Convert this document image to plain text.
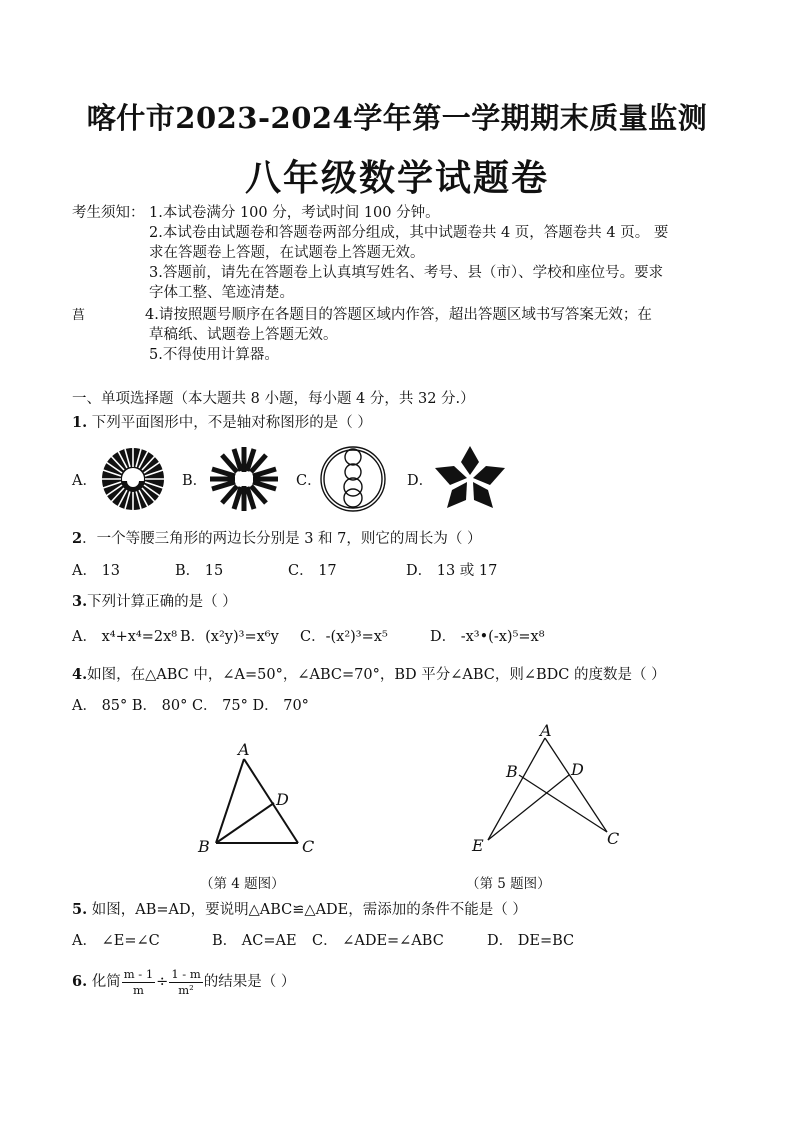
喀什市2023-2024学年第一学期期末质量监测
八年级数学试题卷
考生须知： 1.本试卷满分 100 分，考试时间 100 分钟。
2.本试卷由试题卷和答题卷两部分组成，其中试题卷共 4 页，答题卷共 4 页。 要
求在答题卷上答题，在试题卷上答题无效。
3.答题前，请先在答题卷上认真填写姓名、考号、县（市）、学校和座位号。要求
字体工整、笔迹清楚。
菖	4.请按照题号顺序在各题目的答题区域内作答，超出答题区域书写答案无效；在
草稿纸、试题卷上答题无效。
5.不得使用计算器。
一、单项选择题（本大题共 8 小题，每小题 4 分，共 32 分.）
1. 下列平面图形中，不是轴对称图形的是（ ）
A．	B．	C．	D．
2．一个等腰三角形的两边长分别是 3 和 7，则它的周长为（ ）
A． 13	B． 15	C． 17	D． 13 或 17
3.下列计算正确的是（ ）
A． x⁴+x⁴=2x⁸ B．(x²y)³=x⁶y C．-(x²)³=x⁵	D． -x³•(-x)⁵=x⁸
4.如图，在△ABC 中，∠A=50°，∠ABC=70°，BD 平分∠ABC，则∠BDC 的度数是（ ）
A． 85° B． 80° C． 75° D． 70°
A
D
B	C
（第 4 题图）
A
B	D
E	C
（第 5 题图）
5. 如图，AB=AD，要说明△ABC≌△ADE，需添加的条件不能是（ ）
A． ∠E=∠C	B． AC=AE C． ∠ADE=∠ABC	D． DE=BC
6. 化简 $\frac{m - 1}{m} \div \frac{1 - m}{\text{m²}}$ 的结果是（ ）
